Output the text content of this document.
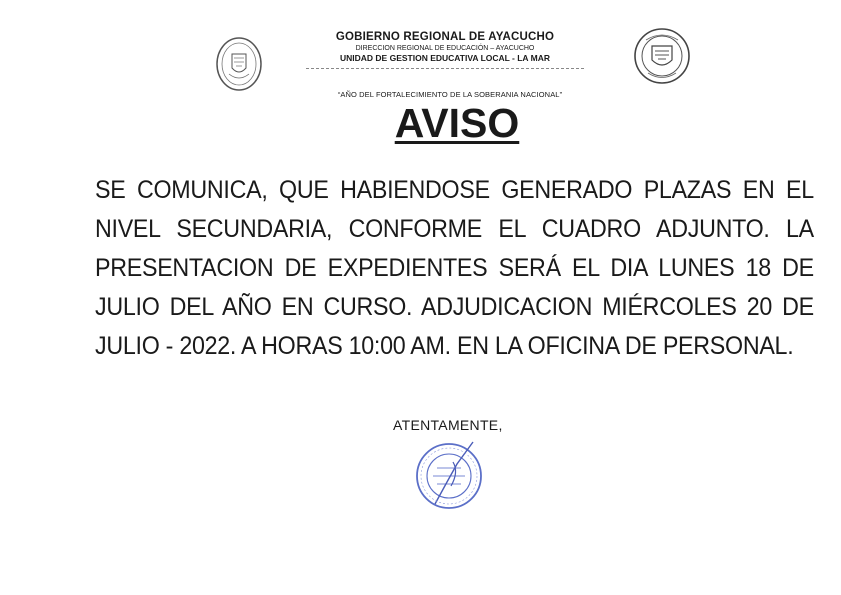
GOBIERNO REGIONAL DE AYACUCHO
DIRECCION REGIONAL DE EDUCACIÓN – AYACUCHO
UNIDAD DE GESTION EDUCATIVA LOCAL - LA MAR
“AÑO DEL FORTALECIMIENTO DE LA SOBERANIA NACIONAL”
AVISO
SE COMUNICA, QUE HABIENDOSE GENERADO PLAZAS EN EL NIVEL SECUNDARIA, CONFORME EL CUADRO ADJUNTO. LA PRESENTACION DE EXPEDIENTES SERÁ EL DIA LUNES 18 DE JULIO DEL AÑO EN CURSO. ADJUDICACION MIÉRCOLES 20 DE JULIO - 2022. A HORAS 10:00 AM. EN LA OFICINA DE PERSONAL.
ATENTAMENTE,
